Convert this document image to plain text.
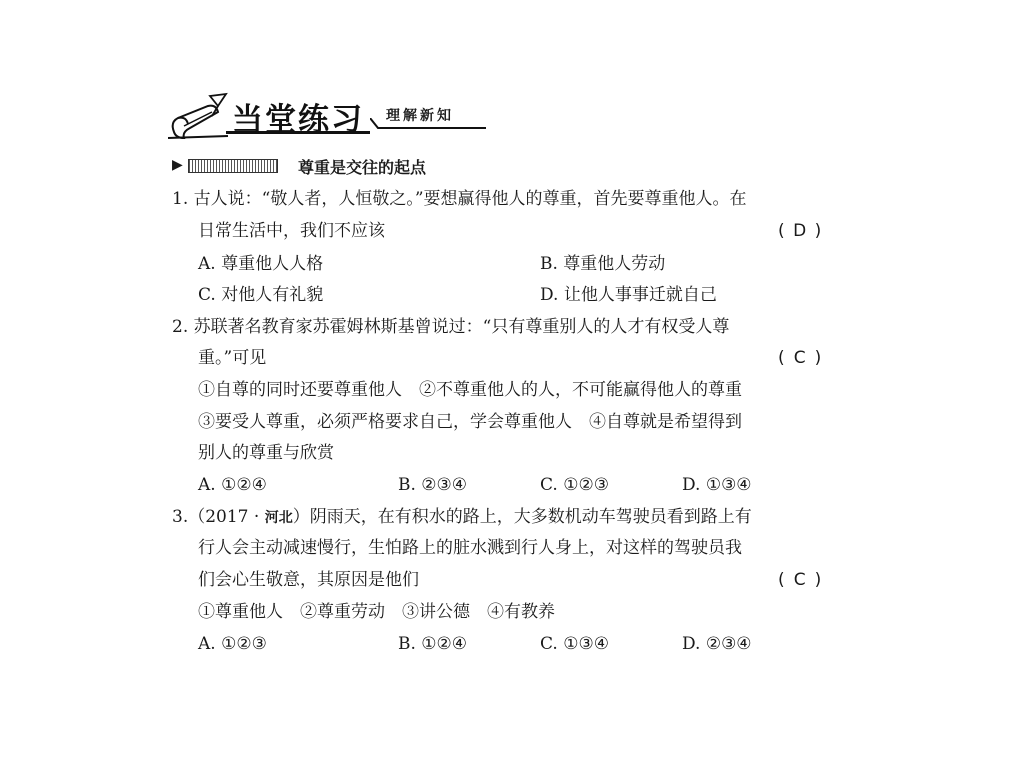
当堂练习	理解新知
▶	尊重是交往的起点
1. 古人说：“敬人者，人恒敬之。”要想赢得他人的尊重，首先要尊重他人。在
日常生活中，我们不应该	( D )
A. 尊重他人人格	B. 尊重他人劳动
C. 对他人有礼貌	D. 让他人事事迁就自己
2. 苏联著名教育家苏霍姆林斯基曾说过：“只有尊重别人的人才有权受人尊
重。”可见	( C )
①自尊的同时还要尊重他人　②不尊重他人的人，不可能赢得他人的尊重
③要受人尊重，必须严格要求自己，学会尊重他人　④自尊就是希望得到
别人的尊重与欣赏
A. ①②④	B. ②③④	C. ①②③	D. ①③④
3.（2017 · 河北）阴雨天，在有积水的路上，大多数机动车驾驶员看到路上有
行人会主动减速慢行，生怕路上的脏水溅到行人身上，对这样的驾驶员我
们会心生敬意，其原因是他们	( C )
①尊重他人　②尊重劳动　③讲公德　④有教养
A. ①②③	B. ①②④	C. ①③④	D. ②③④
